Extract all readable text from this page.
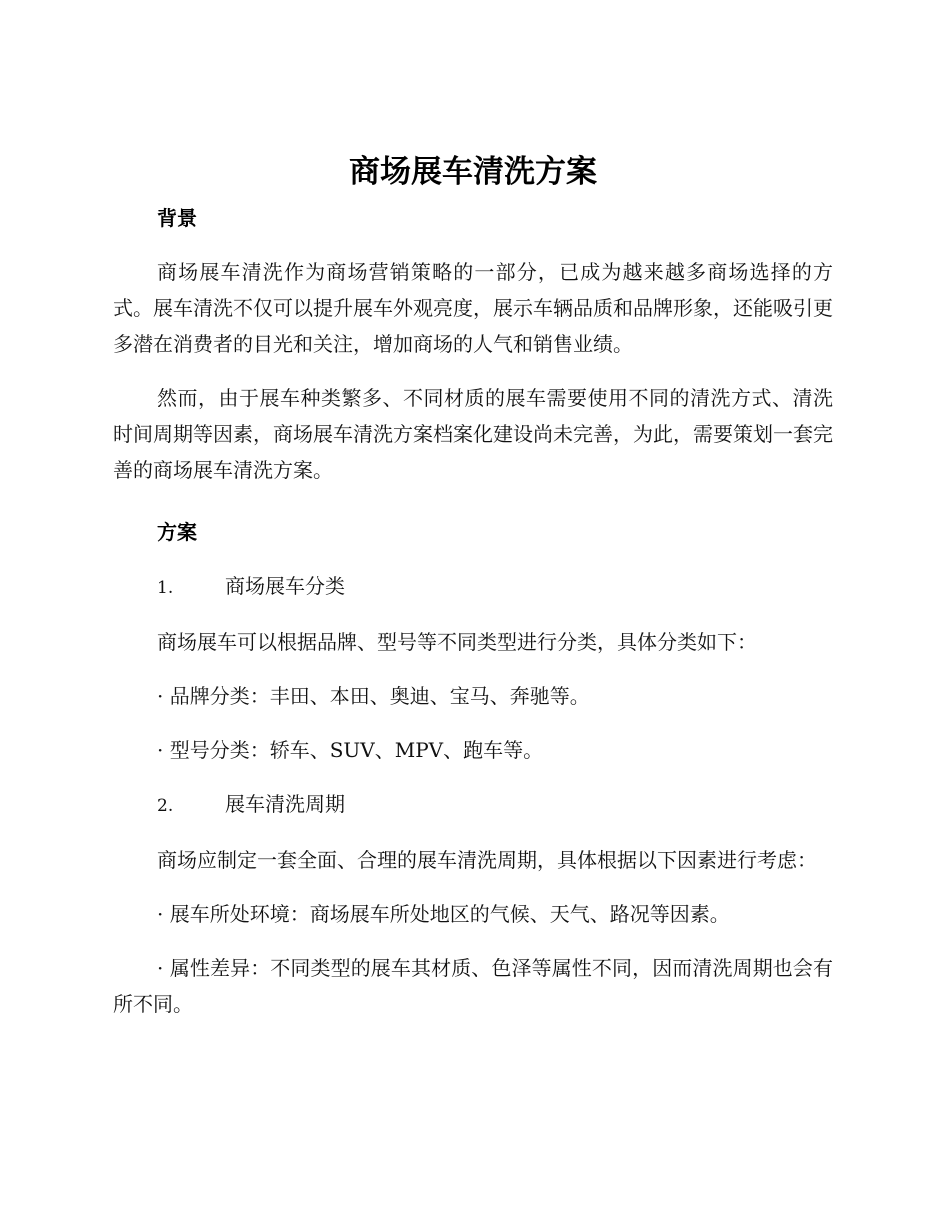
商场展车清洗方案
背景

商场展车清洗作为商场营销策略的一部分，已成为越来越多商场选择的方式。展车清洗不仅可以提升展车外观亮度，展示车辆品质和品牌形象，还能吸引更多潜在消费者的目光和关注，增加商场的人气和销售业绩。

然而，由于展车种类繁多、不同材质的展车需要使用不同的清洗方式、清洗时间周期等因素，商场展车清洗方案档案化建设尚未完善，为此，需要策划一套完善的商场展车清洗方案。

方案
1.	商场展车分类

商场展车可以根据品牌、型号等不同类型进行分类，具体分类如下：

· 品牌分类：丰田、本田、奥迪、宝马、奔驰等。

· 型号分类：轿车、SUV、MPV、跑车等。

2.	展车清洗周期

商场应制定一套全面、合理的展车清洗周期，具体根据以下因素进行考虑：

· 展车所处环境：商场展车所处地区的气候、天气、路况等因素。

· 属性差异：不同类型的展车其材质、色泽等属性不同，因而清洗周期也会有所不同。
